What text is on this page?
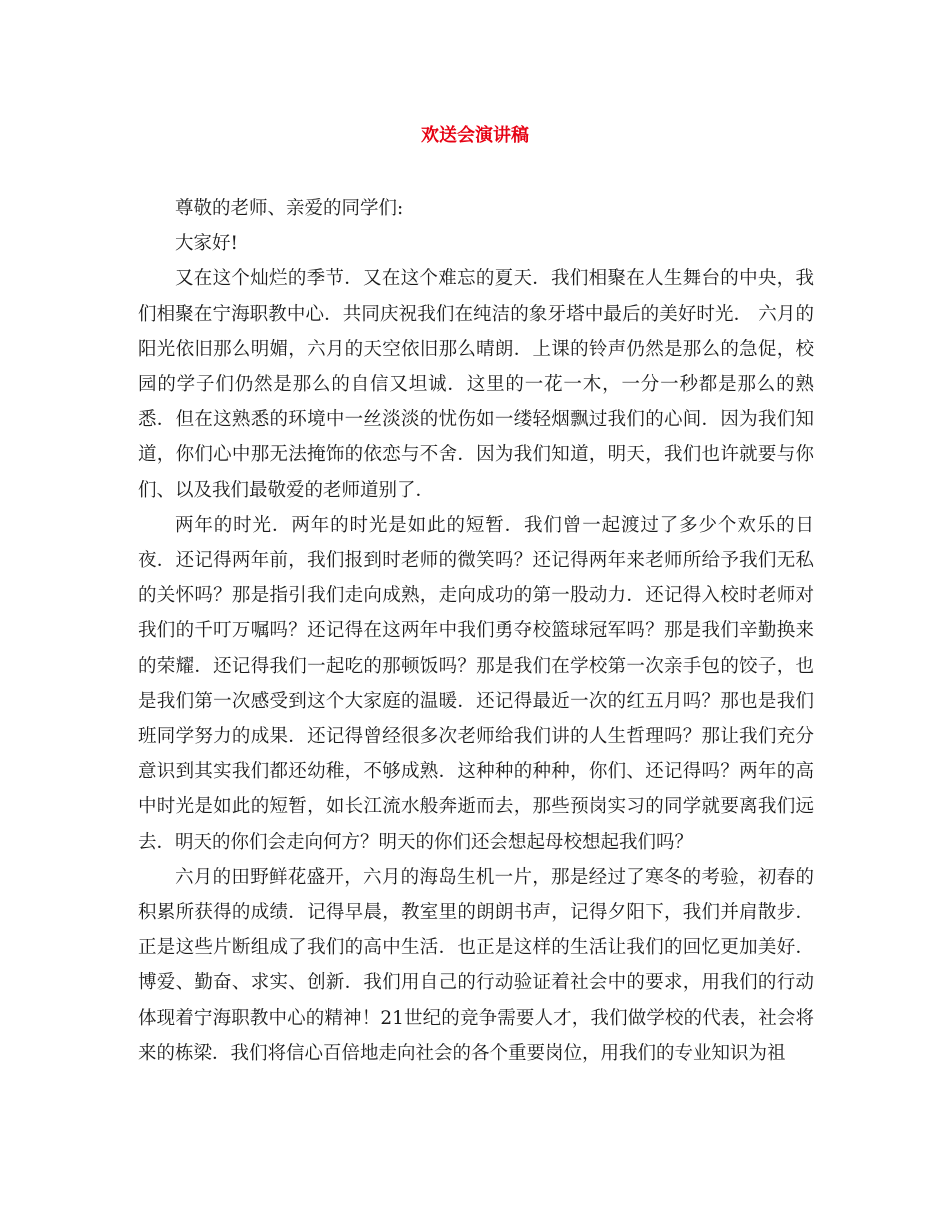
欢送会演讲稿

尊敬的老师、亲爱的同学们:

大家好!

又在这个灿烂的季节．又在这个难忘的夏天．我们相聚在人生舞台的中央，我们相聚在宁海职教中心．共同庆祝我们在纯洁的象牙塔中最后的美好时光． 六月的阳光依旧那么明媚，六月的天空依旧那么晴朗．上课的铃声仍然是那么的急促，校园的学子们仍然是那么的自信又坦诚．这里的一花一木，一分一秒都是那么的熟悉．但在这熟悉的环境中一丝淡淡的忧伤如一缕轻烟飘过我们的心间．因为我们知道，你们心中那无法掩饰的依恋与不舍．因为我们知道，明天，我们也许就要与你们、以及我们最敬爱的老师道别了．

两年的时光．两年的时光是如此的短暂．我们曾一起渡过了多少个欢乐的日夜．还记得两年前，我们报到时老师的微笑吗？还记得两年来老师所给予我们无私的关怀吗？那是指引我们走向成熟，走向成功的第一股动力．还记得入校时老师对我们的千叮万嘱吗？还记得在这两年中我们勇夺校篮球冠军吗？那是我们辛勤换来的荣耀．还记得我们一起吃的那顿饭吗？那是我们在学校第一次亲手包的饺子，也是我们第一次感受到这个大家庭的温暖．还记得最近一次的红五月吗？那也是我们班同学努力的成果．还记得曾经很多次老师给我们讲的人生哲理吗？那让我们充分意识到其实我们都还幼稚，不够成熟．这种种的种种，你们、还记得吗？两年的高中时光是如此的短暂，如长江流水般奔逝而去，那些预岗实习的同学就要离我们远去．明天的你们会走向何方？明天的你们还会想起母校想起我们吗？

六月的田野鲜花盛开，六月的海岛生机一片，那是经过了寒冬的考验，初春的积累所获得的成绩．记得早晨，教室里的朗朗书声，记得夕阳下，我们并肩散步．正是这些片断组成了我们的高中生活．也正是这样的生活让我们的回忆更加美好．博爱、勤奋、求实、创新．我们用自己的行动验证着社会中的要求，用我们的行动体现着宁海职教中心的精神！21世纪的竞争需要人才，我们做学校的代表，社会将来的栋梁．我们将信心百倍地走向社会的各个重要岗位，用我们的专业知识为祖
